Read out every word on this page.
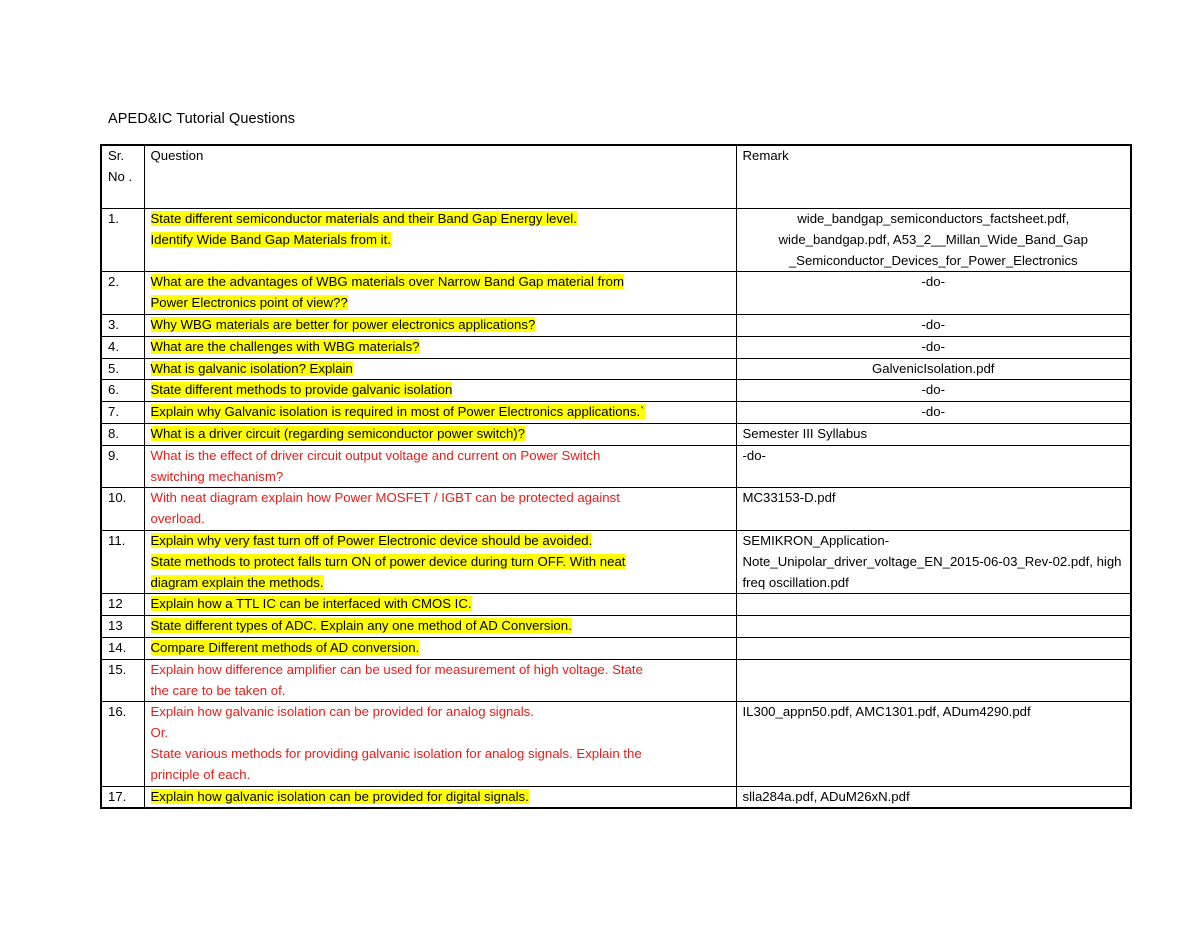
APED&IC Tutorial Questions
Sr. No .	Question	Remark
1.	State different semiconductor materials and their Band Gap Energy level.
Identify Wide Band Gap Materials from it.	wide_bandgap_semiconductors_factsheet.pdf, wide_bandgap.pdf, A53_2__Millan_Wide_Band_Gap _Semiconductor_Devices_for_Power_Electronics
2.	What are the advantages of WBG materials over Narrow Band Gap material from
Power Electronics point of view??	-do-
3.	Why WBG materials are better for power electronics applications?	-do-
4.	What are the challenges with WBG materials?	-do-
5.	What is galvanic isolation? Explain	GalvenicIsolation.pdf
6.	State different methods to provide galvanic isolation	-do-
7.	Explain why Galvanic isolation is required in most of Power Electronics applications.`	-do-
8.	What is a driver circuit (regarding semiconductor power switch)?	Semester III Syllabus
9.	What is the effect of driver circuit output voltage and current on Power Switch
switching mechanism?	-do-
10.	With neat diagram explain how Power MOSFET / IGBT can be protected against
overload.	MC33153-D.pdf
11.	Explain why very fast turn off of Power Electronic device should be avoided.
State methods to protect falls turn ON of power device during turn OFF. With neat
diagram explain the methods.	SEMIKRON_Application-Note_Unipolar_driver_voltage_EN_2015-06-03_Rev-02.pdf, high freq oscillation.pdf
12	Explain how a TTL IC can be interfaced with CMOS IC.	

13	State different types of ADC. Explain any one method of AD Conversion.	

14.	Compare Different methods of AD conversion.	

15.	Explain how difference amplifier can be used for measurement of high voltage. State
the care to be taken of.	

16.	Explain how galvanic isolation can be provided for analog signals.
Or.
State various methods for providing galvanic isolation for analog signals. Explain the
principle of each.	IL300_appn50.pdf, AMC1301.pdf, ADum4290.pdf
17.	Explain how galvanic isolation can be provided for digital signals.	slla284a.pdf, ADuM26xN.pdf
